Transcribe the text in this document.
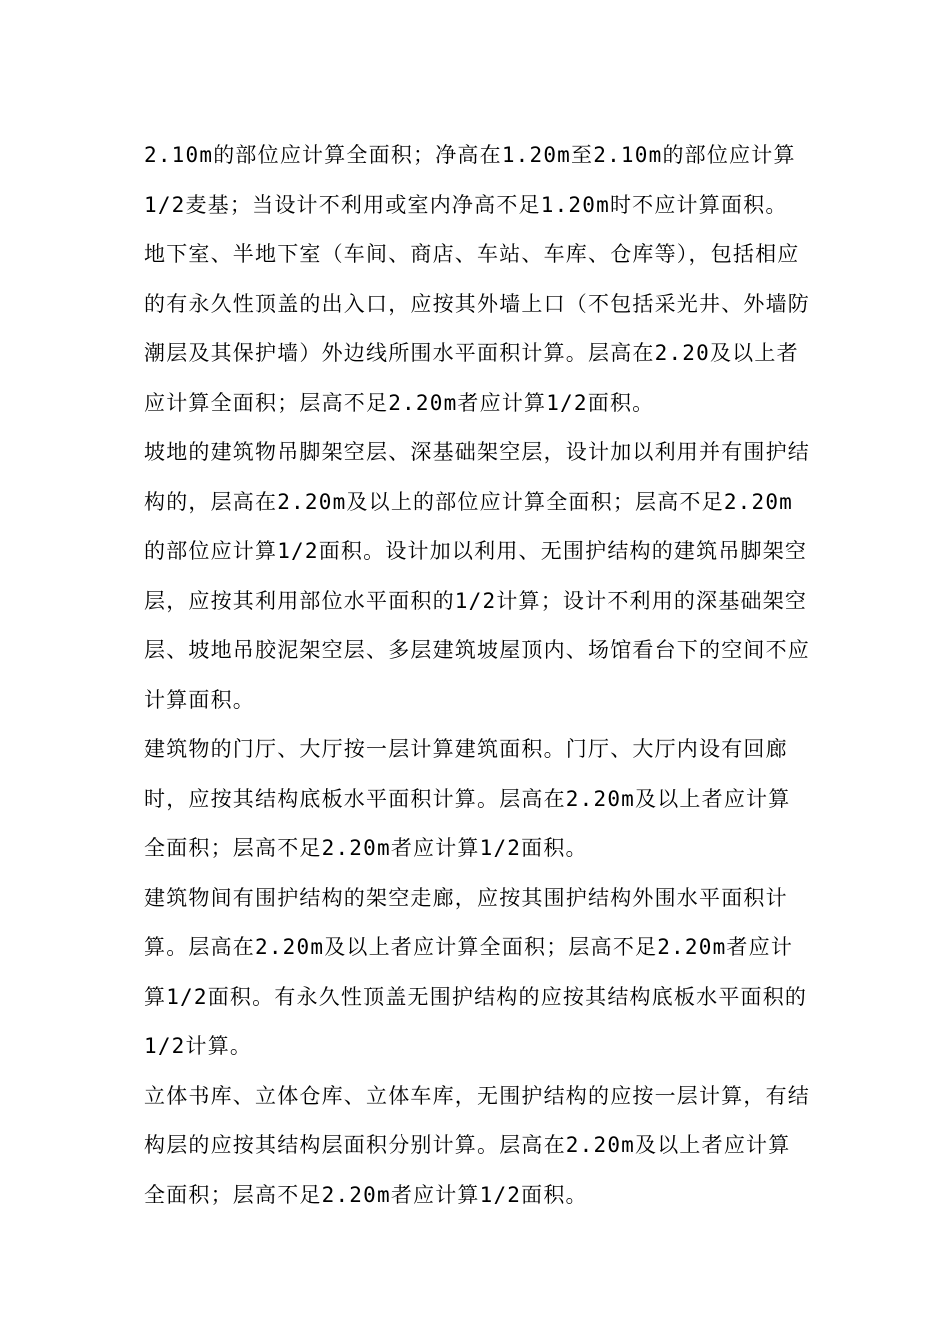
2.10m的部位应计算全面积；净高在1.20m至2.10m的部位应计算1/2麦基；当设计不利用或室内净高不足1.20m时不应计算面积。

地下室、半地下室（车间、商店、车站、车库、仓库等），包括相应的有永久性顶盖的出入口，应按其外墙上口（不包括采光井、外墙防潮层及其保护墙）外边线所围水平面积计算。层高在2.20及以上者应计算全面积；层高不足2.20m者应计算1/2面积。

坡地的建筑物吊脚架空层、深基础架空层，设计加以利用并有围护结构的，层高在2.20m及以上的部位应计算全面积；层高不足2.20m的部位应计算1/2面积。设计加以利用、无围护结构的建筑吊脚架空层，应按其利用部位水平面积的1/2计算；设计不利用的深基础架空层、坡地吊胶泥架空层、多层建筑坡屋顶内、场馆看台下的空间不应计算面积。

建筑物的门厅、大厅按一层计算建筑面积。门厅、大厅内设有回廊时，应按其结构底板水平面积计算。层高在2.20m及以上者应计算全面积；层高不足2.20m者应计算1/2面积。

建筑物间有围护结构的架空走廊，应按其围护结构外围水平面积计算。层高在2.20m及以上者应计算全面积；层高不足2.20m者应计算1/2面积。有永久性顶盖无围护结构的应按其结构底板水平面积的1/2计算。

立体书库、立体仓库、立体车库，无围护结构的应按一层计算，有结构层的应按其结构层面积分别计算。层高在2.20m及以上者应计算全面积；层高不足2.20m者应计算1/2面积。
